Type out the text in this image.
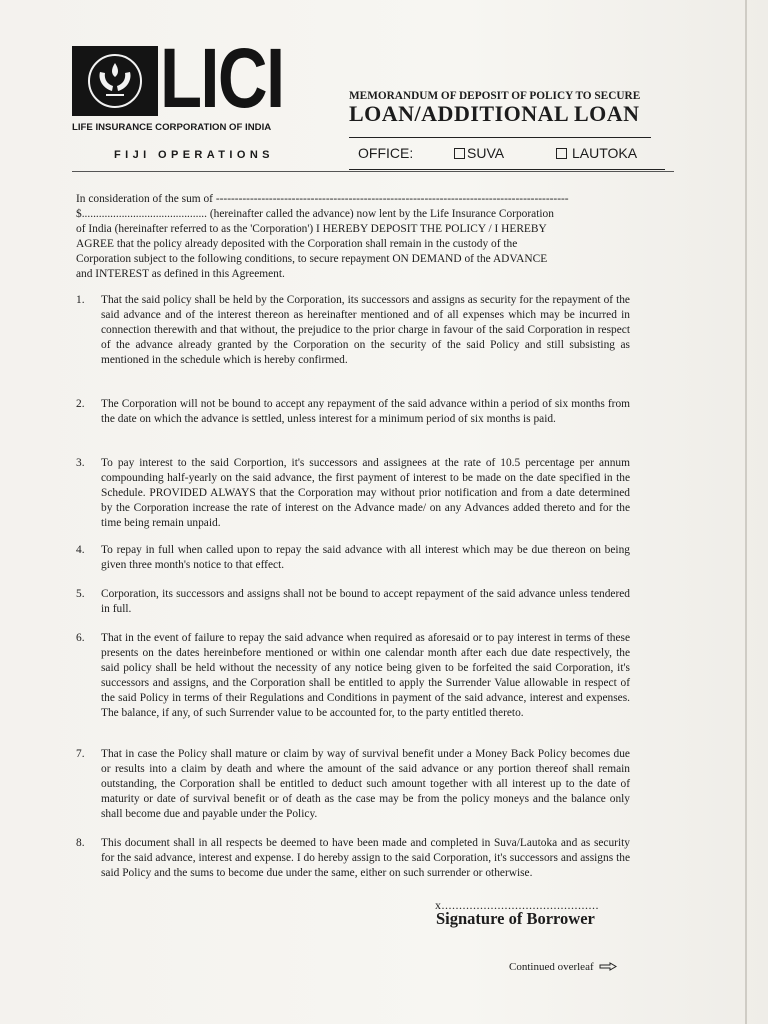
LICI
LIFE INSURANCE CORPORATION OF INDIA
FIJI OPERATIONS
MEMORANDUM OF DEPOSIT OF POLICY TO SECURE
LOAN/ADDITIONAL LOAN
OFFICE:	SUVA	LAUTOKA
In consideration of the sum of ---------------------------------------------------------------------------------------------
$............................................ (hereinafter called the advance) now lent by the Life Insurance Corporation
of India (hereinafter referred to as the 'Corporation') I HEREBY DEPOSIT THE POLICY / I HEREBY
AGREE that the policy already deposited with the Corporation shall remain in the custody of the
Corporation subject to the following conditions, to secure repayment ON DEMAND of the ADVANCE
and INTEREST as defined in this Agreement.
1. That the said policy shall be held by the Corporation, its successors and assigns as security for the repayment of the said advance and of the interest thereon as hereinafter mentioned and of all expenses which may be incurred in connection therewith and that without, the prejudice to the prior charge in favour of the said Corporation in respect of the advance already granted by the Corporation on the security of the said Policy and still subsisting as mentioned in the schedule which is hereby confirmed.
2. The Corporation will not be bound to accept any repayment of the said advance within a period of six months from the date on which the advance is settled, unless interest for a minimum period of six months is paid.
3. To pay interest to the said Corportion, it's successors and assignees at the rate of 10.5 percentage per annum compounding half-yearly on the said advance, the first payment of interest to be made on the date specified in the Schedule. PROVIDED ALWAYS that the Corporation may without prior notification and from a date determined by the Corporation increase the rate of interest on the Advance made/ on any Advances added thereto and for the time being remain unpaid.
4. To repay in full when called upon to repay the said advance with all interest which may be due thereon on being given three month's notice to that effect.
5. Corporation, its successors and assigns shall not be bound to accept repayment of the said advance unless tendered in full.
6. That in the event of failure to repay the said advance when required as aforesaid or to pay interest in terms of these presents on the dates hereinbefore mentioned or within one calendar month after each due date respectively, the said policy shall be held without the necessity of any notice being given to be forfeited the said Corporation, it's successors and assigns, and the Corporation shall be entitled to apply the Surrender Value allowable in respect of the said Policy in terms of their Regulations and Conditions in payment of the said advance, interest and expenses. The balance, if any, of such Surrender value to be accounted for, to the party entitled thereto.
7. That in case the Policy shall mature or claim by way of survival benefit under a Money Back Policy becomes due or results into a claim by death and where the amount of the said advance or any portion thereof shall remain outstanding, the Corporation shall be entitled to deduct such amount together with all interest up to the date of maturity or date of survival benefit or of death as the case may be from the policy moneys and the balance only shall become due and payable under the Policy.
8. This document shall in all respects be deemed to have been made and completed in Suva/Lautoka and as security for the said advance, interest and expense. I do hereby assign to the said Corporation, it's successors and assigns the said Policy and the sums to become due under the same, either on such surrender or otherwise.
x.............................................
Signature of Borrower
Continued overleaf
